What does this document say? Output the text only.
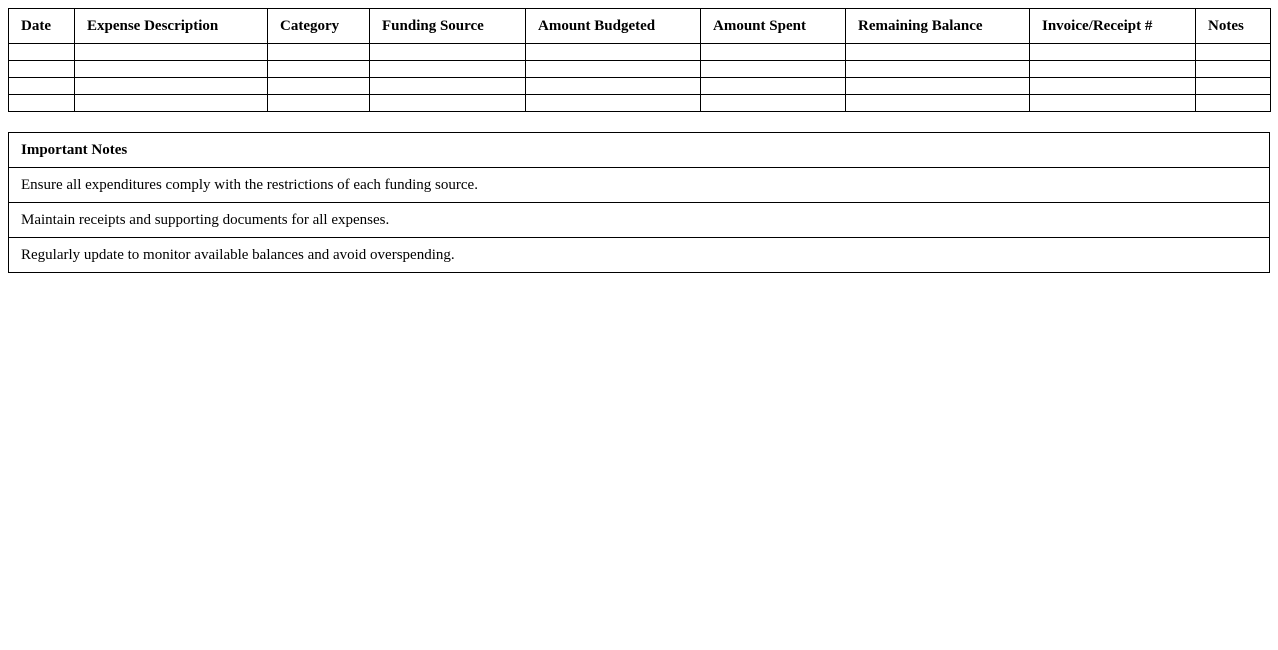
Date	Expense Description	Category	Funding Source	Amount Budgeted	Amount Spent	Remaining Balance	Invoice/Receipt #	Notes

Important Notes
Ensure all expenditures comply with the restrictions of each funding source.
Maintain receipts and supporting documents for all expenses.
Regularly update to monitor available balances and avoid overspending.
